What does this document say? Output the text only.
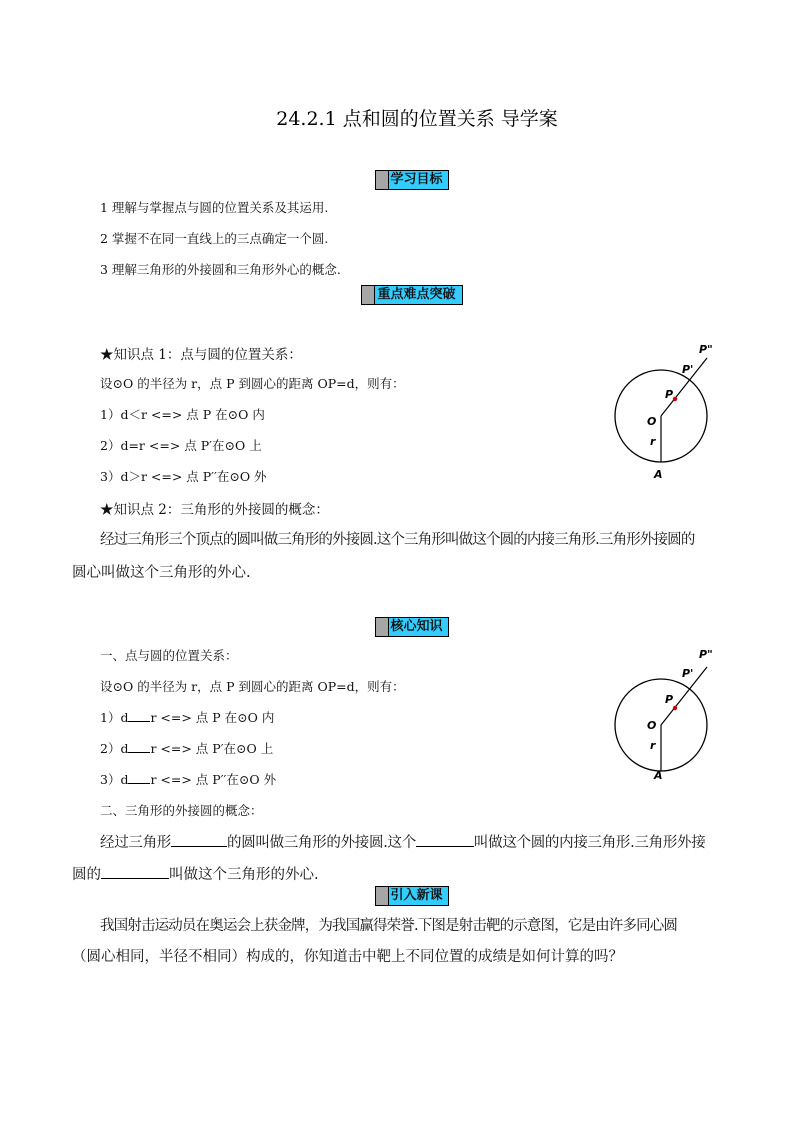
24.2.1 点和圆的位置关系 导学案
学习目标
1 理解与掌握点与圆的位置关系及其运用.
2 掌握不在同一直线上的三点确定一个圆.
3 理解三角形的外接圆和三角形外心的概念.
重点难点突破
★知识点 1：点与圆的位置关系：
设⊙O 的半径为 r，点 P 到圆心的距离 OP=d，则有：
1）d＜r <=> 点 P 在⊙O 内
2）d=r <=> 点 P′在⊙O 上
3）d＞r <=> 点 P′′在⊙O 外
★知识点 2：三角形的外接圆的概念：
经过三角形三个顶点的圆叫做三角形的外接圆.这个三角形叫做这个圆的内接三角形.三角形外接圆的
圆心叫做这个三角形的外心.
P"
P'
P
O
r
A
核心知识
一、点与圆的位置关系：
设⊙O 的半径为 r，点 P 到圆心的距离 OP=d，则有：
1）d r <=> 点 P 在⊙O 内
2）d r <=> 点 P′在⊙O 上
3）d r <=> 点 P′′在⊙O 外
二、三角形的外接圆的概念：
经过三角形	的圆叫做三角形的外接圆.这个	叫做这个圆的内接三角形.三角形外接
圆的	叫做这个三角形的外心.
P"
P'
P
O
r
A
引入新课
我国射击运动员在奥运会上获金牌，为我国赢得荣誉.下图是射击靶的示意图，它是由许多同心圆
（圆心相同，半径不相同）构成的，你知道击中靶上不同位置的成绩是如何计算的吗？
